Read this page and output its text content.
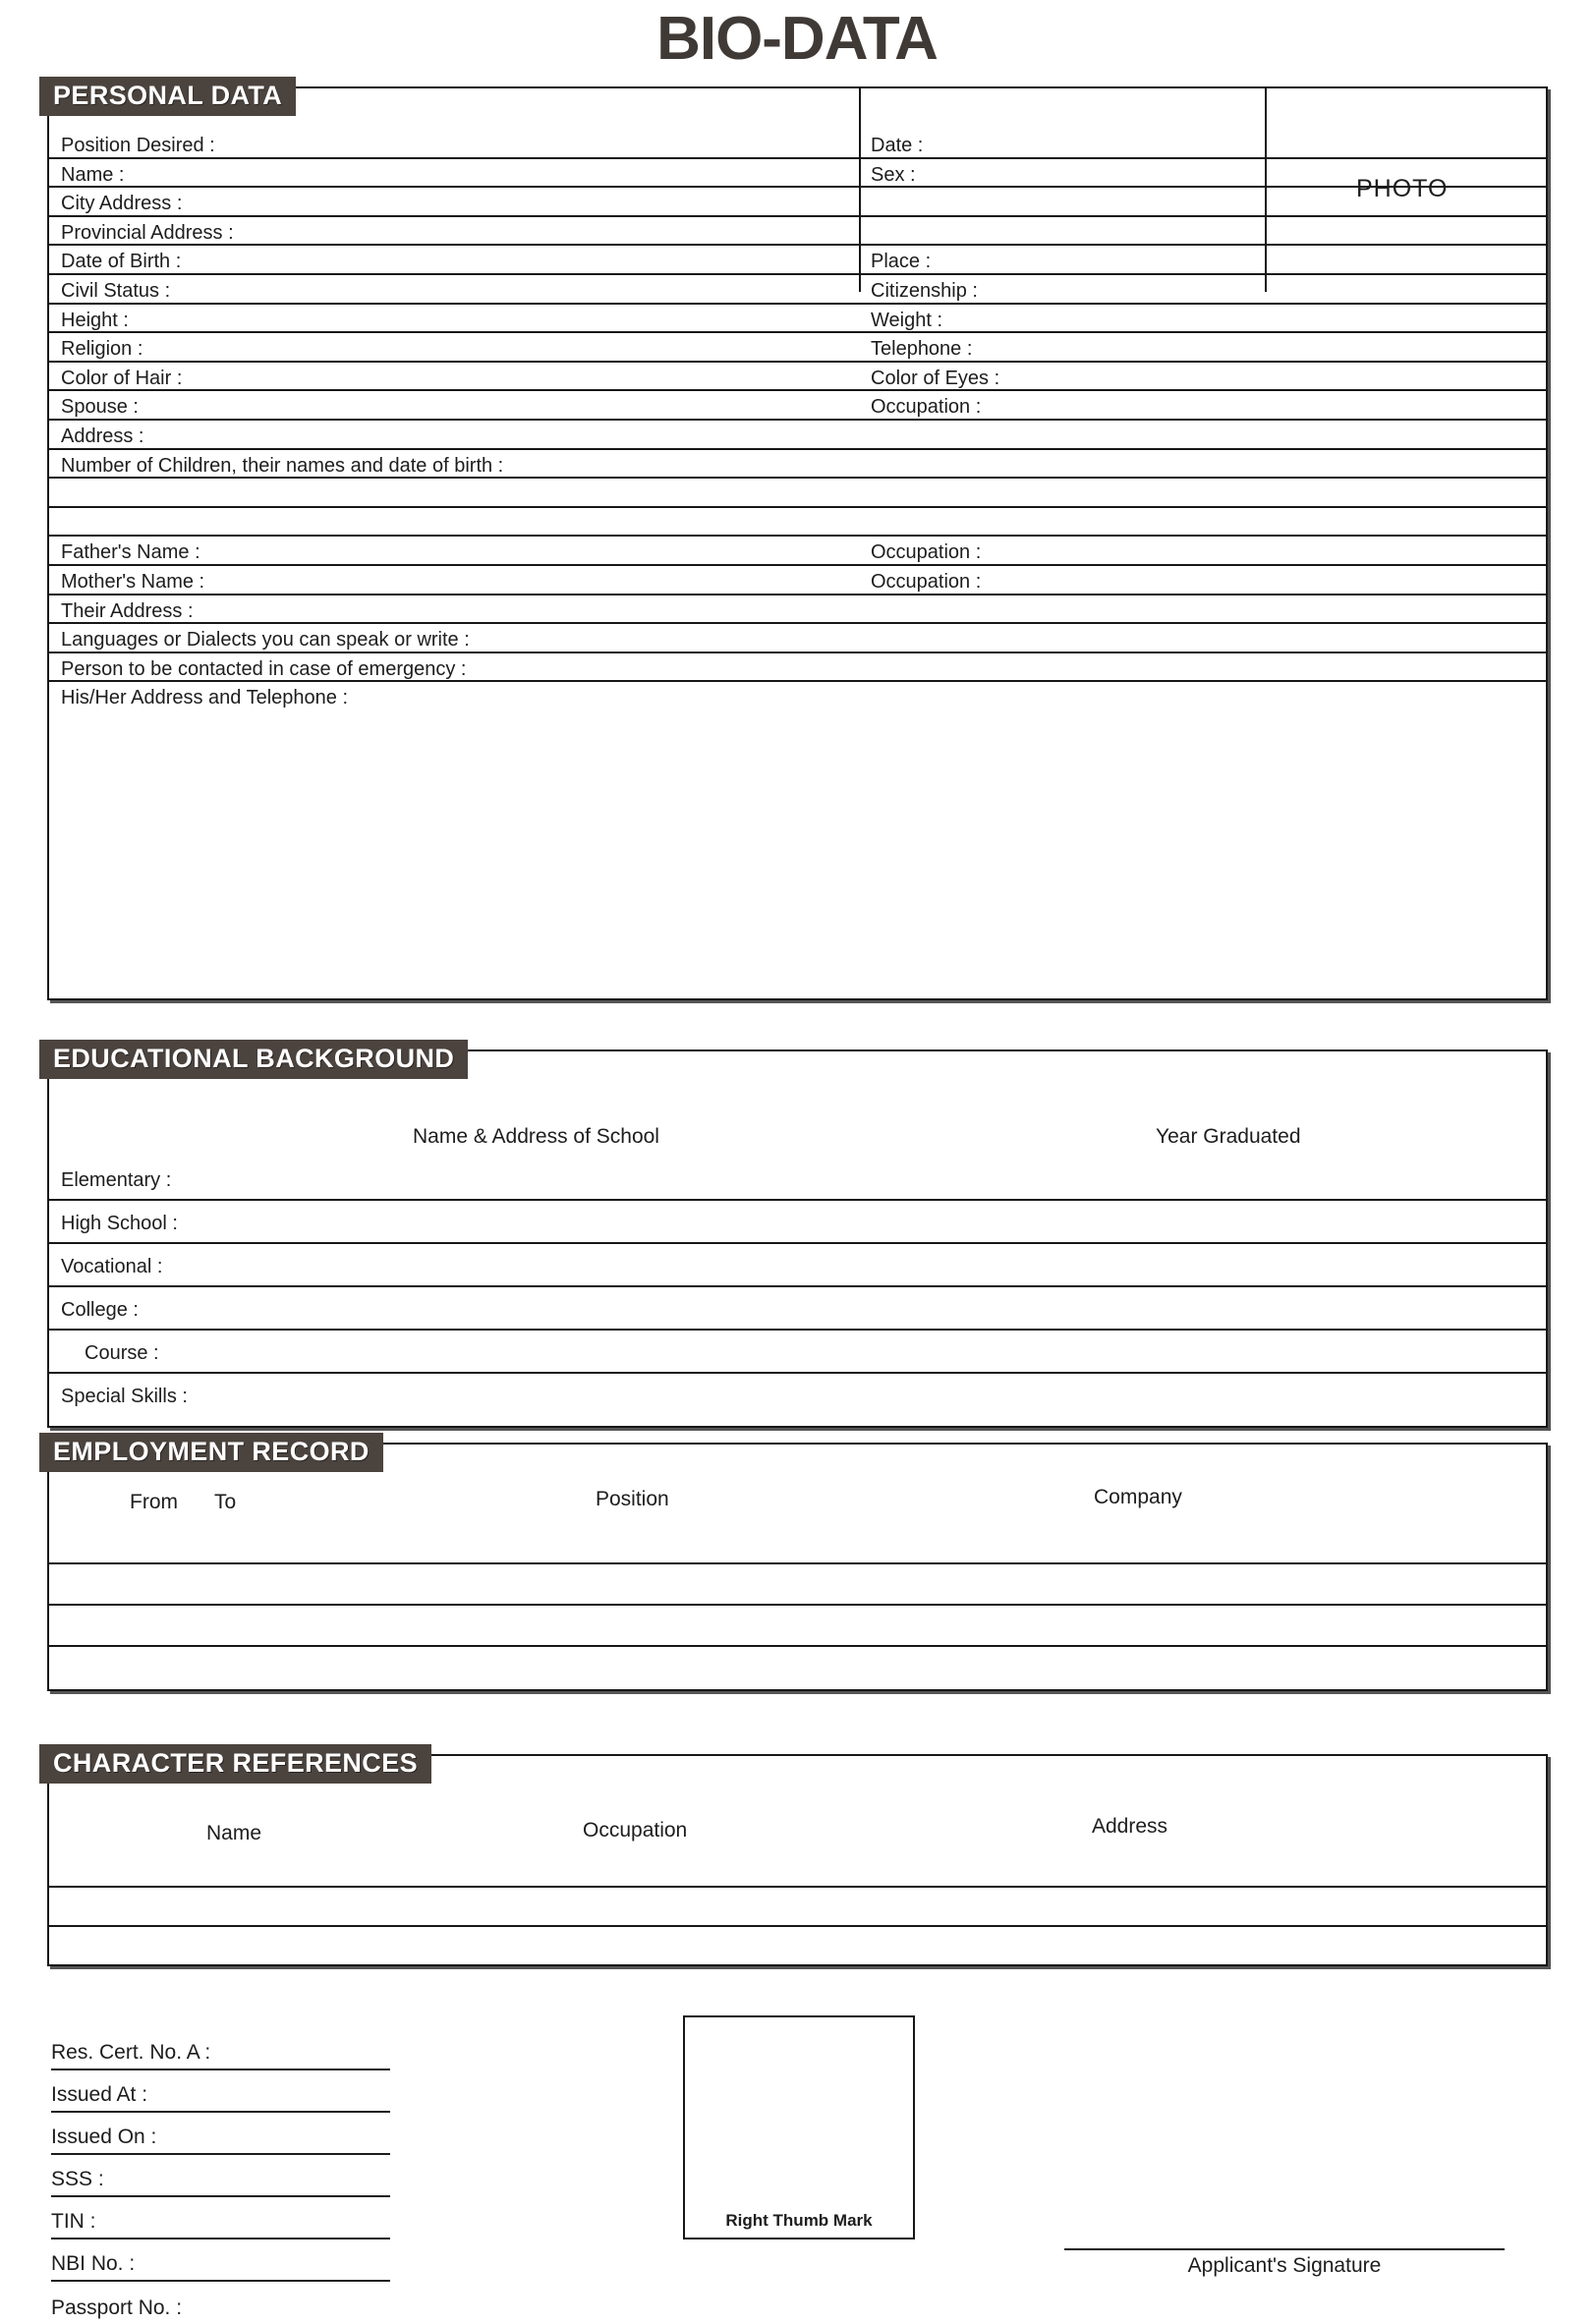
BIO-DATA
Position Desired :	Date :
Name :	Sex :
City Address :
Provincial Address :
Date of Birth :	Place :
Civil Status :	Citizenship :
Height :	Weight :
Religion :	Telephone :
Color of Hair :	Color of Eyes :
Spouse :	Occupation :
Address :
Number of Children, their names and date of birth :
Father's Name :	Occupation :
Mother's Name :	Occupation :
Their Address :
Languages or Dialects you can speak or write :
Person to be contacted in case of emergency :
His/Her Address and Telephone :
PHOTO
PERSONAL DATA
Name & Address of School	Year Graduated
Elementary :
High School :
Vocational :
College :
Course :
Special Skills :
EDUCATIONAL BACKGROUND
From To	Position	Company
EMPLOYMENT RECORD
Name	Occupation	Address
CHARACTER REFERENCES
Res. Cert. No. A :
Issued At :
Issued On :
SSS :
TIN :
NBI No. :
Passport No. :
Right Thumb Mark
Applicant's Signature
